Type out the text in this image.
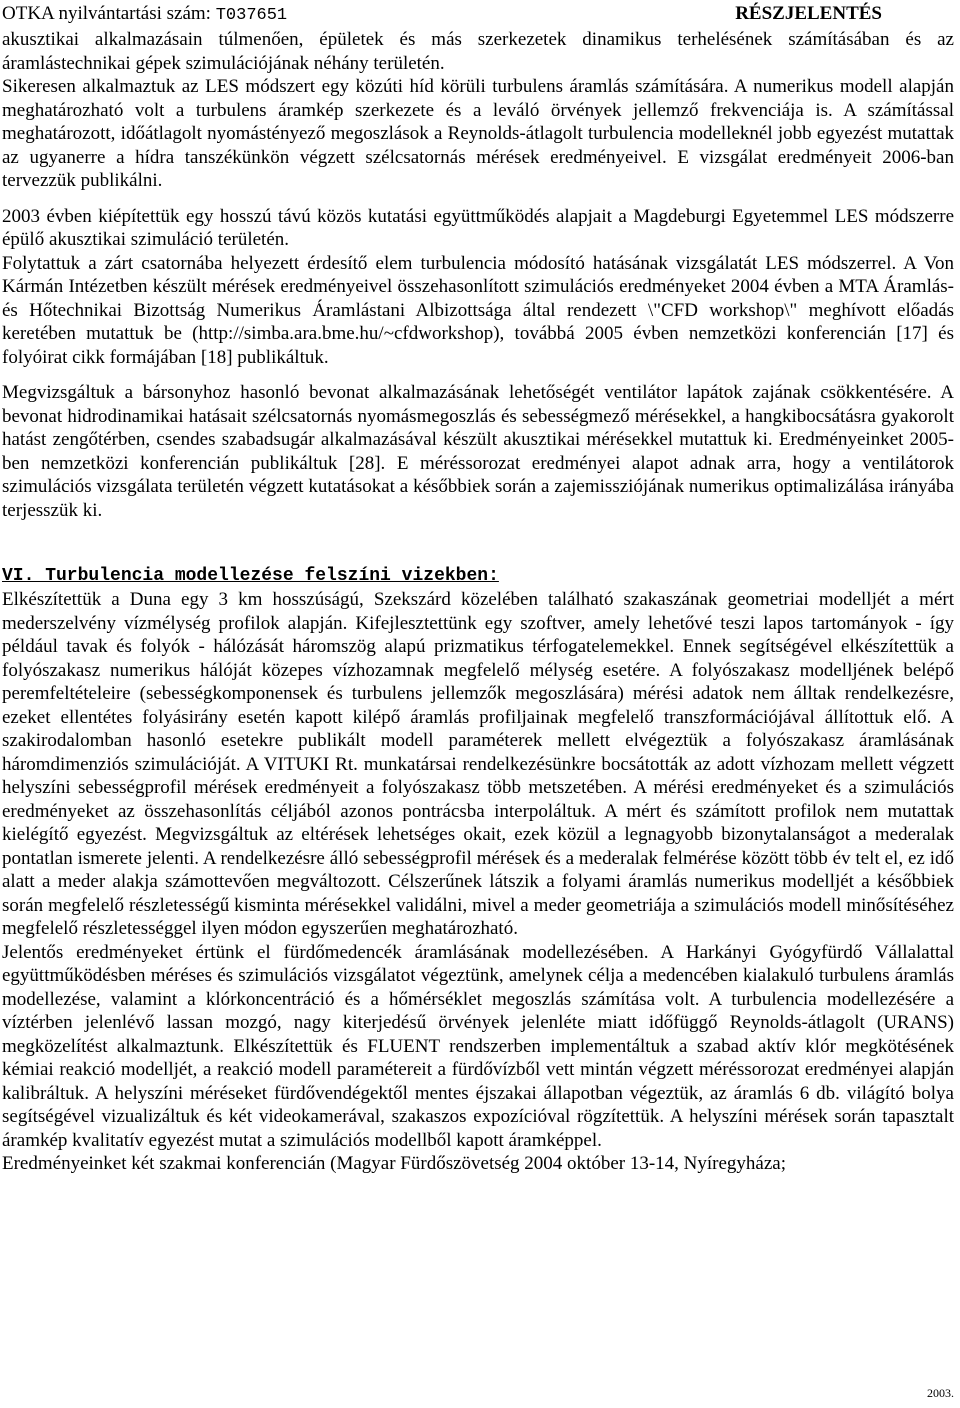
OTKA nyilvántartási szám: T037651	RÉSZJELENTÉS

akusztikai alkalmazásain túlmenően, épületek és más szerkezetek dinamikus terhelésének számításában és az áramlástechnikai gépek szimulációjának néhány területén.

Sikeresen alkalmaztuk az LES módszert egy közúti híd körüli turbulens áramlás számítására. A numerikus modell alapján meghatározható volt a turbulens áramkép szerkezete és a leváló örvények jellemző frekvenciája is. A számítással meghatározott, időátlagolt nyomástényező megoszlások a Reynolds-átlagolt turbulencia modelleknél jobb egyezést mutattak az ugyanerre a hídra tanszékünkön végzett szélcsatornás mérések eredményeivel. E vizsgálat eredményeit 2006-ban tervezzük publikálni.

2003 évben kiépítettük egy hosszú távú közös kutatási együttműködés alapjait a Magdeburgi Egyetemmel LES módszerre épülő akusztikai szimuláció területén.

Folytattuk a zárt csatornába helyezett érdesítő elem turbulencia módosító hatásának vizsgálatát LES módszerrel. A Von Kármán Intézetben készült mérések eredményeivel összehasonlított szimulációs eredményeket 2004 évben a MTA Áramlás- és Hőtechnikai Bizottság Numerikus Áramlástani Albizottsága által rendezett \"CFD workshop\" meghívott előadás keretében mutattuk be (http://simba.ara.bme.hu/~cfdworkshop), továbbá 2005 évben nemzetközi konferencián [17] és folyóirat cikk formájában [18] publikáltuk.

Megvizsgáltuk a bársonyhoz hasonló bevonat alkalmazásának lehetőségét ventilátor lapátok zajának csökkentésére. A bevonat hidrodinamikai hatásait szélcsatornás nyomásmegoszlás és sebességmező mérésekkel, a hangkibocsátásra gyakorolt hatást zengőtérben, csendes szabadsugár alkalmazásával készült akusztikai mérésekkel mutattuk ki. Eredményeinket 2005-ben nemzetközi konferencián publikáltuk [28]. E méréssorozat eredményei alapot adnak arra, hogy a ventilátorok szimulációs vizsgálata területén végzett kutatásokat a későbbiek során a zajemissziójának numerikus optimalizálása irányába terjesszük ki.

VI. Turbulencia modellezése felszíni vizekben:

Elkészítettük a Duna egy 3 km hosszúságú, Szekszárd közelében található szakaszának geometriai modelljét a mért mederszelvény vízmélység profilok alapján. Kifejlesztettünk egy szoftver, amely lehetővé teszi lapos tartományok - így például tavak és folyók - hálózását háromszög alapú prizmatikus térfogatelemekkel. Ennek segítségével elkészítettük a folyószakasz numerikus hálóját közepes vízhozamnak megfelelő mélység esetére. A folyószakasz modelljének belépő peremfeltételeire (sebességkomponensek és turbulens jellemzők megoszlására) mérési adatok nem álltak rendelkezésre, ezeket ellentétes folyásirány esetén kapott kilépő áramlás profiljainak megfelelő transzformációjával állítottuk elő. A szakirodalomban hasonló esetekre publikált modell paraméterek mellett elvégeztük a folyószakasz áramlásának háromdimenziós szimulációját. A VITUKI Rt. munkatársai rendelkezésünkre bocsátották az adott vízhozam mellett végzett helyszíni sebességprofil mérések eredményeit a folyószakasz több metszetében. A mérési eredményeket és a szimulációs eredményeket az összehasonlítás céljából azonos pontrácsba interpoláltuk. A mért és számított profilok nem mutattak kielégítő egyezést. Megvizsgáltuk az eltérések lehetséges okait, ezek közül a legnagyobb bizonytalanságot a mederalak pontatlan ismerete jelenti. A rendelkezésre álló sebességprofil mérések és a mederalak felmérése között több év telt el, ez idő alatt a meder alakja számottevően megváltozott. Célszerűnek látszik a folyami áramlás numerikus modelljét a későbbiek során megfelelő részletességű kisminta mérésekkel validálni, mivel a meder geometriája a szimulációs modell minősítéséhez megfelelő részletességgel ilyen módon egyszerűen meghatározható.

Jelentős eredményeket értünk el fürdőmedencék áramlásának modellezésében. A Harkányi Gyógyfürdő Vállalattal együttműködésben méréses és szimulációs vizsgálatot végeztünk, amelynek célja a medencében kialakuló turbulens áramlás modellezése, valamint a klórkoncentráció és a hőmérséklet megoszlás számítása volt. A turbulencia modellezésére a víztérben jelenlévő lassan mozgó, nagy kiterjedésű örvények jelenléte miatt időfüggő Reynolds-átlagolt (URANS) megközelítést alkalmaztunk. Elkészítettük és FLUENT rendszerben implementáltuk a szabad aktív klór megkötésének kémiai reakció modelljét, a reakció modell paramétereit a fürdővízből vett mintán végzett méréssorozat eredményei alapján kalibráltuk. A helyszíni méréseket fürdővendégektől mentes éjszakai állapotban végeztük, az áramlás 6 db. világító bolya segítségével vizualizáltuk és két videokamerával, szakaszos expozícióval rögzítettük. A helyszíni mérések során tapasztalt áramkép kvalitatív egyezést mutat a szimulációs modellből kapott áramképpel.

Eredményeinket két szakmai konferencián (Magyar Fürdőszövetség 2004 október 13-14, Nyíregyháza;

2003.
